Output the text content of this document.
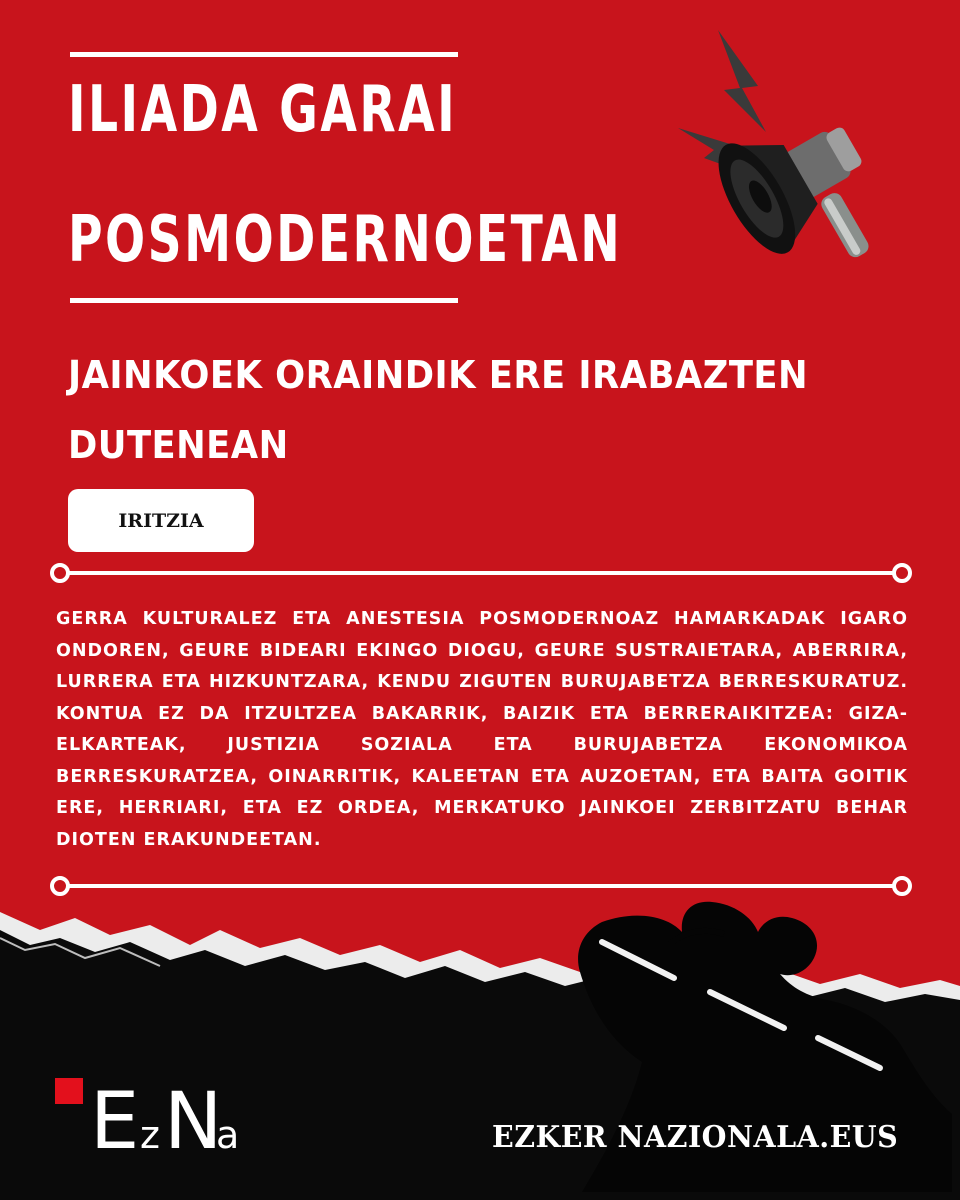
ILIADA GARAI
POSMODERNOETAN
JAINKOEK ORAINDIK ERE IRABAZTEN DUTENEAN
IRITZIA
GERRA KULTURALEZ ETA ANESTESIA POSMODERNOAZ HAMARKADAK IGARO ONDOREN, GEURE BIDEARI EKINGO DIOGU, GEURE SUSTRAIETARA, ABERRIRA, LURRERA ETA HIZKUNTZARA, KENDU ZIGUTEN BURUJABETZA BERRESKURATUZ. KONTUA EZ DA ITZULTZEA BAKARRIK, BAIZIK ETA BERRERAIKITZEA: GIZA-ELKARTEAK, JUSTIZIA SOZIALA ETA BURUJABETZA EKONOMIKOA BERRESKURATZEA, OINARRITIK, KALEETAN ETA AUZOETAN, ETA BAITA GOITIK ERE, HERRIARI, ETA EZ ORDEA, MERKATUKO JAINKOEI ZERBITZATU BEHAR DIOTEN ERAKUNDEETAN.
E z N
a	EZKER NAZIONALA.EUS
